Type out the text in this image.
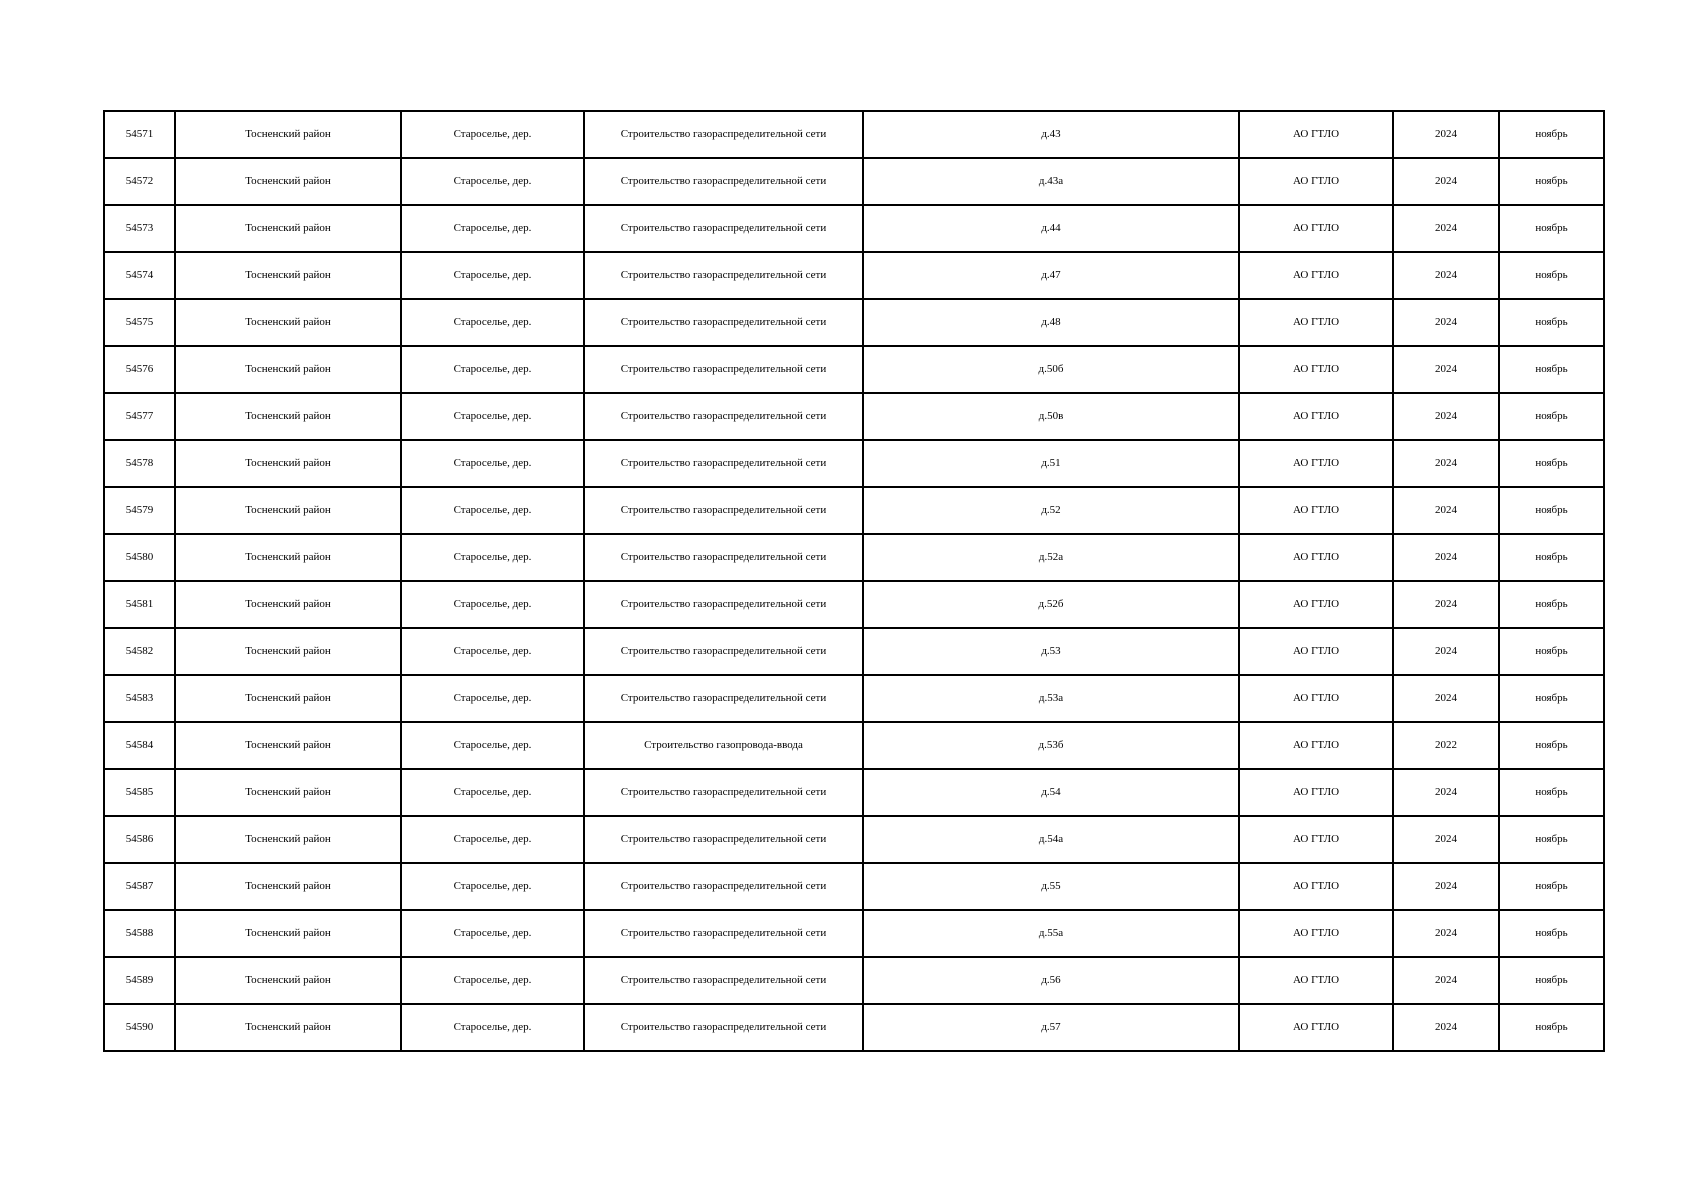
54571	Тосненский район	Староселье, дер.	Строительство газораспределительной сети	д.43	АО ГТЛО	2024	ноябрь
54572	Тосненский район	Староселье, дер.	Строительство газораспределительной сети	д.43а	АО ГТЛО	2024	ноябрь
54573	Тосненский район	Староселье, дер.	Строительство газораспределительной сети	д.44	АО ГТЛО	2024	ноябрь
54574	Тосненский район	Староселье, дер.	Строительство газораспределительной сети	д.47	АО ГТЛО	2024	ноябрь
54575	Тосненский район	Староселье, дер.	Строительство газораспределительной сети	д.48	АО ГТЛО	2024	ноябрь
54576	Тосненский район	Староселье, дер.	Строительство газораспределительной сети	д.50б	АО ГТЛО	2024	ноябрь
54577	Тосненский район	Староселье, дер.	Строительство газораспределительной сети	д.50в	АО ГТЛО	2024	ноябрь
54578	Тосненский район	Староселье, дер.	Строительство газораспределительной сети	д.51	АО ГТЛО	2024	ноябрь
54579	Тосненский район	Староселье, дер.	Строительство газораспределительной сети	д.52	АО ГТЛО	2024	ноябрь
54580	Тосненский район	Староселье, дер.	Строительство газораспределительной сети	д.52а	АО ГТЛО	2024	ноябрь
54581	Тосненский район	Староселье, дер.	Строительство газораспределительной сети	д.52б	АО ГТЛО	2024	ноябрь
54582	Тосненский район	Староселье, дер.	Строительство газораспределительной сети	д.53	АО ГТЛО	2024	ноябрь
54583	Тосненский район	Староселье, дер.	Строительство газораспределительной сети	д.53а	АО ГТЛО	2024	ноябрь
54584	Тосненский район	Староселье, дер.	Строительство газопровода-ввода	д.53б	АО ГТЛО	2022	ноябрь
54585	Тосненский район	Староселье, дер.	Строительство газораспределительной сети	д.54	АО ГТЛО	2024	ноябрь
54586	Тосненский район	Староселье, дер.	Строительство газораспределительной сети	д.54а	АО ГТЛО	2024	ноябрь
54587	Тосненский район	Староселье, дер.	Строительство газораспределительной сети	д.55	АО ГТЛО	2024	ноябрь
54588	Тосненский район	Староселье, дер.	Строительство газораспределительной сети	д.55а	АО ГТЛО	2024	ноябрь
54589	Тосненский район	Староселье, дер.	Строительство газораспределительной сети	д.56	АО ГТЛО	2024	ноябрь
54590	Тосненский район	Староселье, дер.	Строительство газораспределительной сети	д.57	АО ГТЛО	2024	ноябрь
